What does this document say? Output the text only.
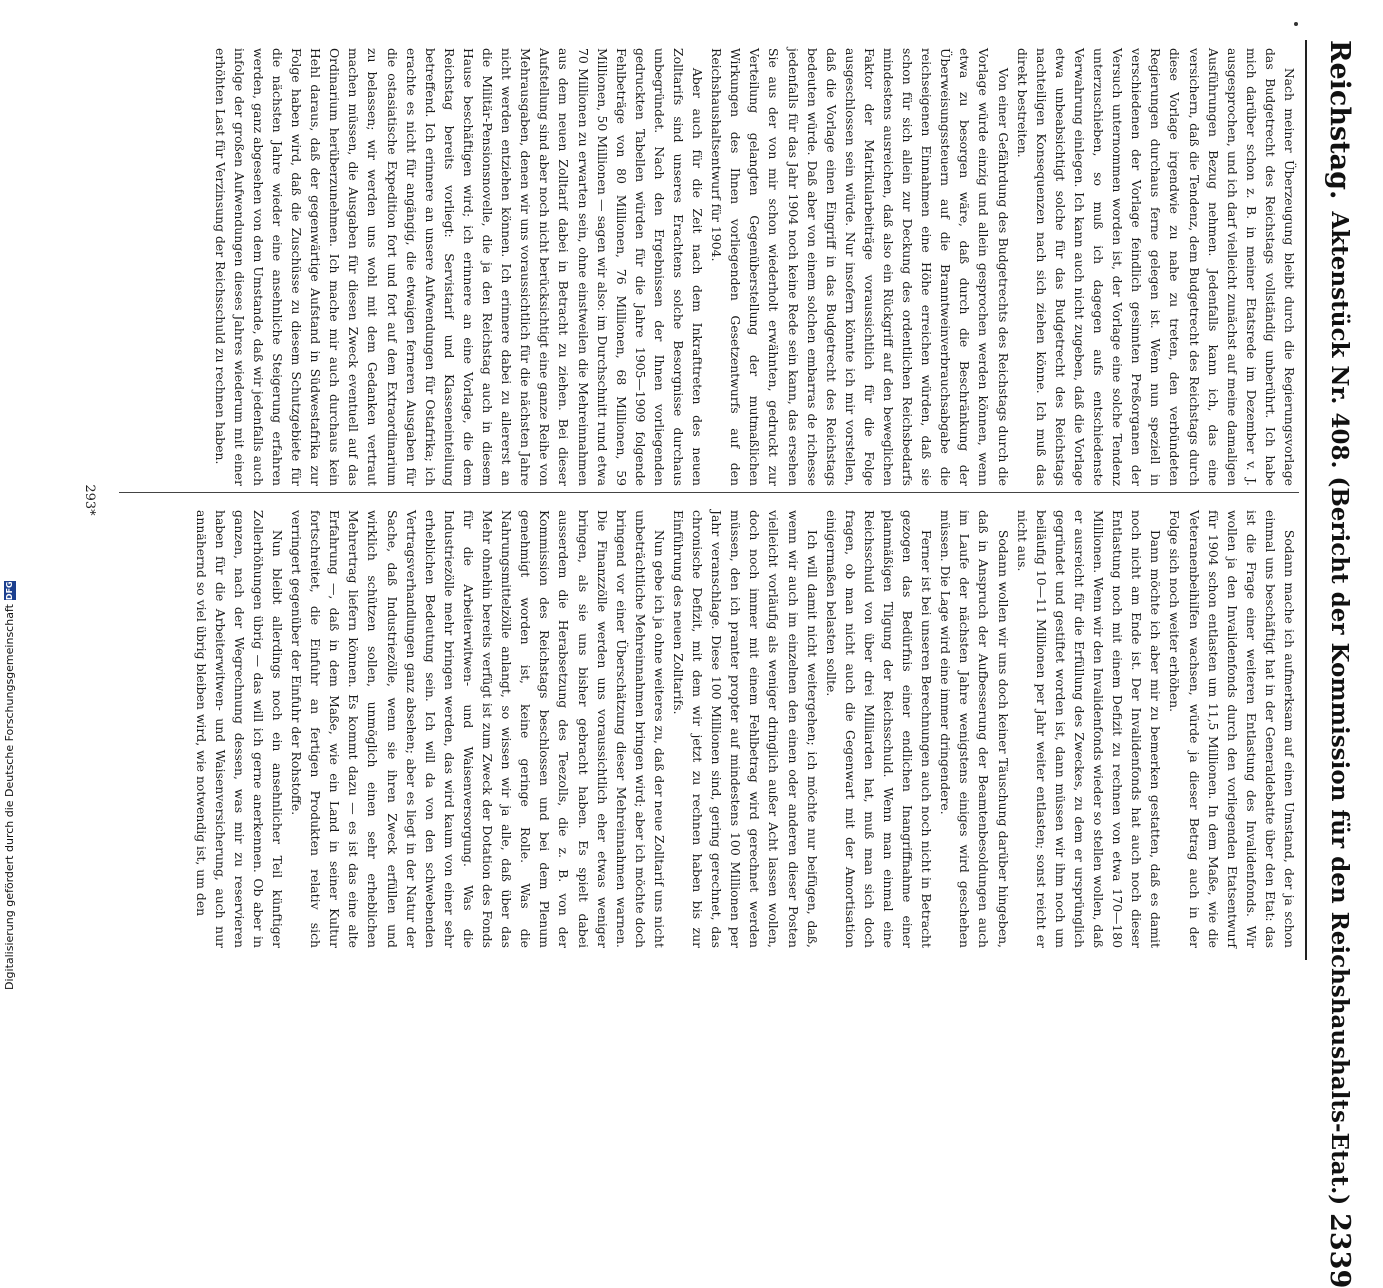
Reichstag.
Aktenstück Nr. 408. (Bericht der Kommission für den Reichshaushalts-Etat.)
2339

Nach meiner Überzeugung bleibt durch die Regierungsvorlage das Budgetrecht des Reichstags vollständig unberührt. Ich habe mich darüber schon z. B. in meiner Etatsrede im Dezember v. J. ausgesprochen, und ich darf vielleicht zunächst auf meine damaligen Ausführungen Bezug nehmen. Jedenfalls kann ich, das eine versichern, daß die Tendenz, dem Budgetrecht des Reichstags durch diese Vorlage irgendwie zu nahe zu treten, den verbündeten Regierungen durchaus ferne gelegen ist. Wenn nun speziell in verschiedenen der Vorlage feindlich gesinnten Preßorganen der Versuch unternommen worden ist, der Vorlage eine solche Tendenz unterzuschieben, so muß ich dagegen aufs entschiedenste Verwahrung einlegen. Ich kann auch nicht zugeben, daß die Vorlage etwa unbeabsichtigt solche für das Budgetrecht des Reichstags nachteiligen Konsequenzen nach sich ziehen könne. Ich muß das direkt bestreiten.

Von einer Gefährdung des Budgetrechts des Reichstags durch die Vorlage würde einzig und allein gesprochen werden können, wenn etwa zu besorgen wäre, daß durch die Beschränkung der Überweisungssteuern auf die Branntweinverbrauchsabgabe die reichseigenen Einnahmen eine Höhe erreichen würden, daß sie schon für sich allein zur Deckung des ordentlichen Reichsbedarfs mindestens ausreichen, daß also ein Rückgriff auf den beweglichen Faktor der Matrikularbeiträge voraussichtlich für die Folge ausgeschlossen sein würde. Nur insofern könnte ich mir vorstellen, daß die Vorlage einen Eingriff in das Budgetrecht des Reichstags bedeuten würde. Daß aber von einem solchen embarras de richesse jedenfalls für das Jahr 1904 noch keine Rede sein kann, das ersehen Sie aus der von mir schon wiederholt erwähnten, gedruckt zur Verteilung gelangten Gegenüberstellung der mutmaßlichen Wirkungen des Ihnen vorliegenden Gesetzentwurfs auf den Reichshaushaltsentwurf für 1904.

Aber auch für die Zeit nach dem Inkrafttreten des neuen Zolltarifs sind unseres Erachtens solche Besorgnisse durchaus unbegründet. Nach den Ergebnissen der Ihnen vorliegenden gedruckten Tabellen würden für die Jahre 1905—1909 folgende Fehlbeträge von 80 Millionen, 76 Millionen, 68 Millionen, 59 Millionen, 50 Millionen — sagen wir also: im Durchschnitt rund etwa 70 Millionen zu erwarten sein, ohne einstweilen die Mehreinnahmen aus dem neuen Zolltarif dabei in Betracht zu ziehen. Bei dieser Aufstellung sind aber noch nicht berücksichtigt eine ganze Reihe von Mehrausgaben, denen wir uns voraussichtlich für die nächsten Jahre nicht werden entziehen können. Ich erinnere dabei zu allererst an die Militär-Pensionsnovelle, die ja den Reichstag auch in diesem Hause beschäftigen wird; ich erinnere an eine Vorlage, die dem Reichstag bereits vorliegt: Servistarif und Klasseneinteilung betreffend. Ich erinnere an unsere Aufwendungen für Ostafrika; ich erachte es nicht für angängig, die etwaigen ferneren Ausgaben für die ostasiatische Expedition fort und fort auf dem Extraordinarium zu belassen; wir werden uns wohl mit dem Gedanken vertraut machen müssen, die Ausgaben für diesen Zweck eventuell auf das Ordinarium herüberzunehmen. Ich mache mir auch durchaus kein Hehl daraus, daß der gegenwärtige Aufstand in Südwestafrika zur Folge haben wird, daß die Zuschüsse zu diesem Schutzgebiete für die nächsten Jahre wieder eine ansehnliche Steigerung erfahren werden, ganz abgesehen von dem Umstande, daß wir jedenfalls auch infolge der großen Aufwendungen dieses Jahres wiederum mit einer erhöhten Last für Verzinsung der Reichsschuld zu rechnen haben.

Sodann mache ich aufmerksam auf einen Umstand, der ja schon einmal uns beschäftigt hat in der Generaldebatte über den Etat: das ist die Frage einer weiteren Entlastung des Invalidenfonds. Wir wollen ja den Invalidenfonds durch den vorliegenden Etatsentwurf für 1904 schon entlasten um 11,5 Millionen. In dem Maße, wie die Veteranenbeihilfen wachsen, würde ja dieser Betrag auch in der Folge sich noch weiter erhöhen.

Dann möchte ich aber mir zu bemerken gestatten, daß es damit noch nicht am Ende ist. Der Invalidenfonds hat auch noch dieser Entlastung noch mit einem Defizit zu rechnen von etwa 170—180 Millionen. Wenn wir den Invalidenfonds wieder so stellen wollen, daß er ausreicht für die Erfüllung des Zweckes, zu dem er ursprünglich gegründet und gestiftet worden ist, dann müssen wir ihm noch um beiläufig 10—11 Millionen per Jahr weiter entlasten; sonst reicht er nicht aus.

Sodann wollen wir uns doch keiner Täuschung darüber hingeben, daß in Anspruch der Aufbesserung der Beamtenbesoldungen auch im Laufe der nächsten Jahre wenigstens einiges wird geschehen müssen. Die Lage wird eine immer dringendere.

Ferner ist bei unseren Berechnungen auch noch nicht in Betracht gezogen das Bedürfnis einer endlichen Inangriffnahme einer planmäßigen Tilgung der Reichsschuld. Wenn man einmal eine Reichsschuld von über drei Milliarden hat, muß man sich doch fragen, ob man nicht auch die Gegenwart mit der Amortisation einigermaßen belasten sollte.

Ich will damit nicht weitergehen; ich möchte nur beifügen, daß, wenn wir auch im einzelnen den einen oder anderen dieser Posten vielleicht vorläufig als weniger dringlich außer Acht lassen wollen, doch noch immer mit einem Fehlbetrag wird gerechnet werden müssen, den ich pranter propter auf mindestens 100 Millionen per Jahr veranschlage. Diese 100 Millionen sind, gering gerechnet, das chronische Defizit, mit dem wir jetzt zu rechnen haben bis zur Einführung des neuen Zolltarifs.

Nun gebe ich ja ohne weiteres zu, daß der neue Zolltarif uns nicht unbeträchtliche Mehreinnahmen bringen wird; aber ich möchte doch bringend vor einer Überschätzung dieser Mehreinnahmen warnen. Die Finanzzölle werden uns voraussichtlich eher etwas weniger bringen, als sie uns bisher gebracht haben. Es spielt dabei ausserdem die Herabsetzung des Teezolls, die z. B. von der Kommission des Reichstags beschlossen und bei dem Plenum genehmigt worden ist, keine geringe Rolle. Was die Nahrungsmittelzölle anlangt, so wissen wir ja alle, daß über das Mehr ohnehin bereits verfügt ist zum Zweck der Dotation des Fonds für die Arbeiterwitwen- und Waisenversorgung. Was die Industriezölle mehr bringen werden, das wird kaum von einer sehr erheblichen Bedeutung sein. Ich will da von den schwebenden Vertragsverhandlungen ganz absehen; aber es liegt in der Natur der Sache, daß Industriezölle, wenn sie ihren Zweck erfüllen und wirklich schützen sollen, unmöglich einen sehr erheblichen Mehrertrag liefern können. Es kommt dazu — es ist das eine alte Erfahrung —, daß in dem Maße, wie ein Land in seiner Kultur fortschreitet, die Einfuhr an fertigen Produkten relativ sich verringert gegenüber der Einfuhr der Rohstoffe.

Nun bleibt allerdings noch ein ansehnlicher Teil künftiger Zollerhöhungen übrig — das will ich gerne anerkennen. Ob aber in ganzen, nach der Wegrechnung dessen, was mir zu reservieren haben für die Arbeiterwitwen- und Waisenversicherung, auch nur annähernd so viel übrig bleiben wird, wie notwendig ist, um den

293*
Digitalisierung gefördert durch die Deutsche Forschungsgemeinschaft
DFG
